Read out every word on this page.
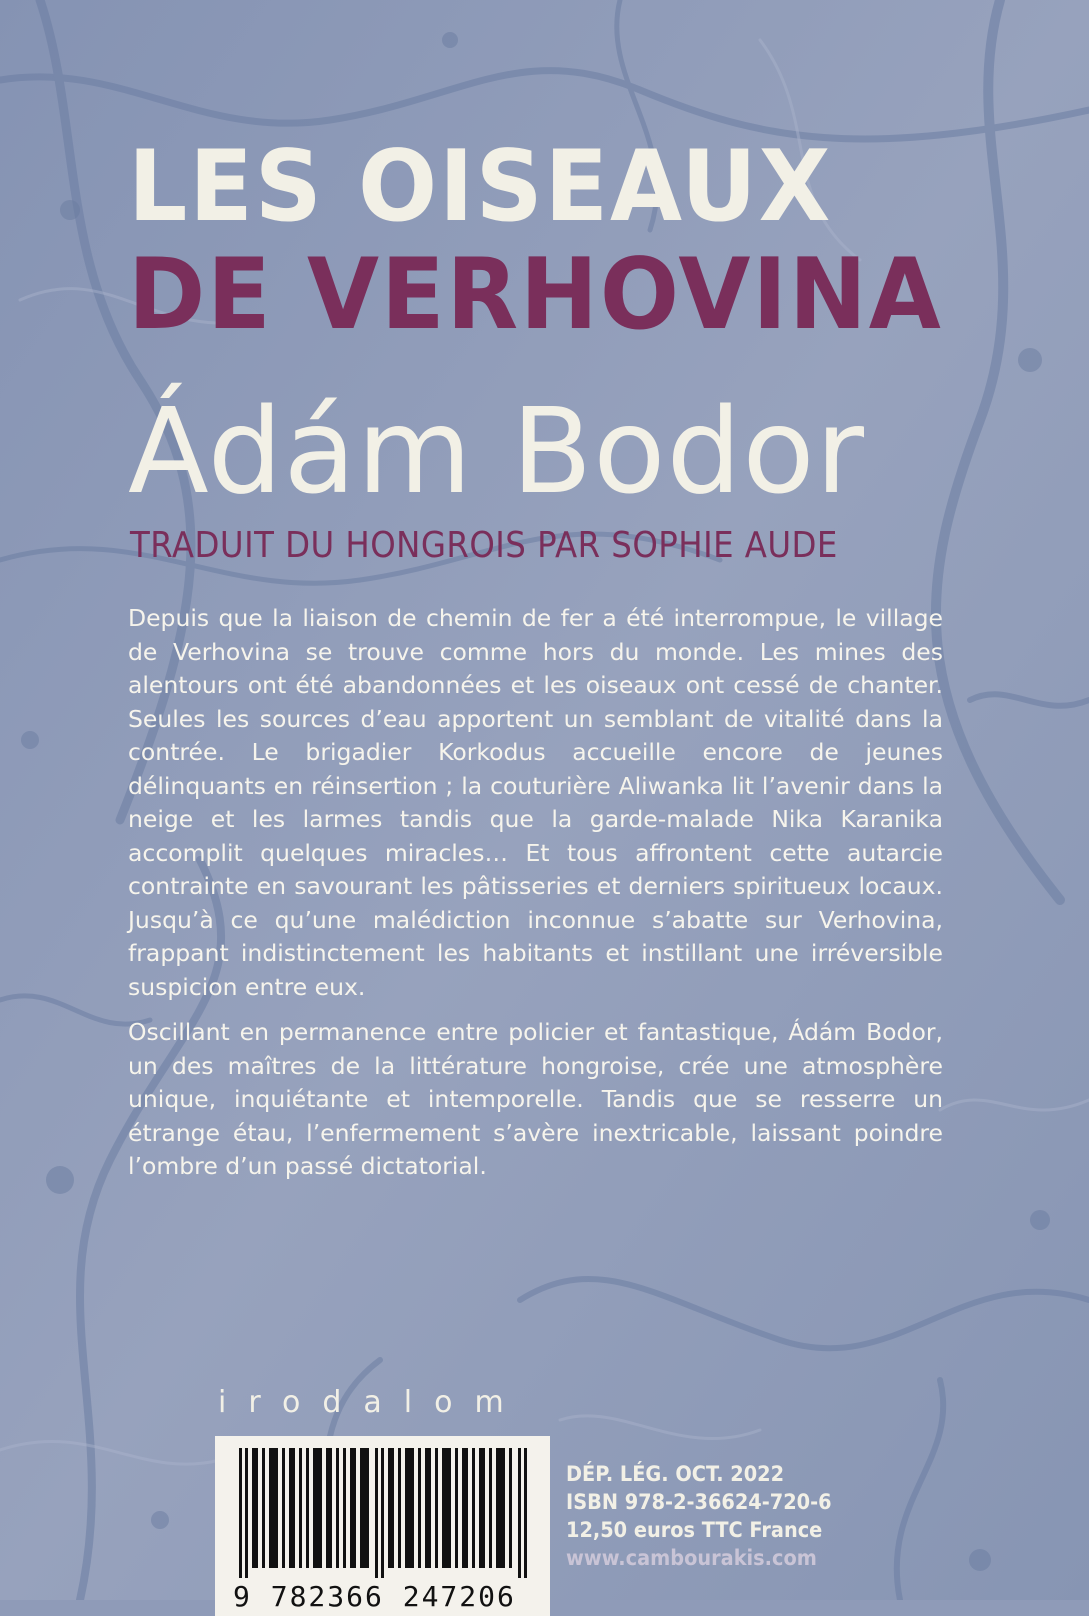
LES OISEAUX
DE VERHOVINA
Ádám Bodor
TRADUIT DU HONGROIS PAR SOPHIE AUDE

Depuis que la liaison de chemin de fer a été interrompue, le village de Verhovina se trouve comme hors du monde. Les mines des alentours ont été abandonnées et les oiseaux ont cessé de chanter. Seules les sources d’eau apportent un semblant de vitalité dans la contrée. Le brigadier Korkodus accueille encore de jeunes délinquants en réinsertion ; la couturière Aliwanka lit l’avenir dans la neige et les larmes tandis que la garde-malade Nika Karanika accomplit quelques miracles… Et tous affrontent cette autarcie contrainte en savourant les pâtisseries et derniers spiritueux locaux. Jusqu’à ce qu’une malédiction inconnue s’abatte sur Verhovina, frappant indistinctement les habitants et instillant une irréversible suspicion entre eux.

Oscillant en permanence entre policier et fantastique, Ádám Bodor, un des maîtres de la littérature hongroise, crée une atmosphère unique, inquiétante et intemporelle. Tandis que se resserre un étrange étau, l’enfermement s’avère inextricable, laissant poindre l’ombre d’un passé dictatorial.

irodalom
9 782366 247206
DÉP. LÉG. OCT. 2022
ISBN 978-2-36624-720-6
12,50 euros TTC France
www.cambourakis.com
